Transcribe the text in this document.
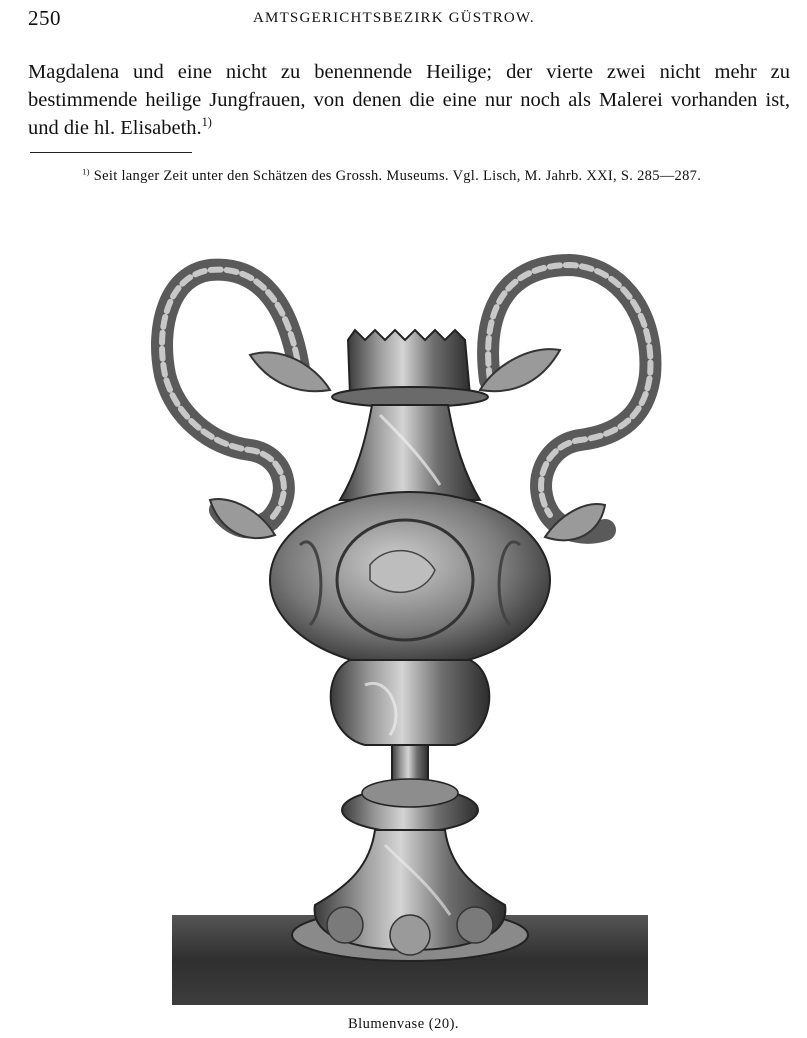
250	AMTSGERICHTSBEZIRK GÜSTROW.

Magdalena und eine nicht zu benennende Heilige; der vierte zwei nicht mehr zu bestimmende heilige Jungfrauen, von denen die eine nur noch als Malerei vorhanden ist, und die hl. Elisabeth.$^{1)}$

$^{1)}$ Seit langer Zeit unter den Schätzen des Grossh. Museums. Vgl. Lisch, M. Jahrb. XXI, S. 285—287.
Blumenvase (20).
